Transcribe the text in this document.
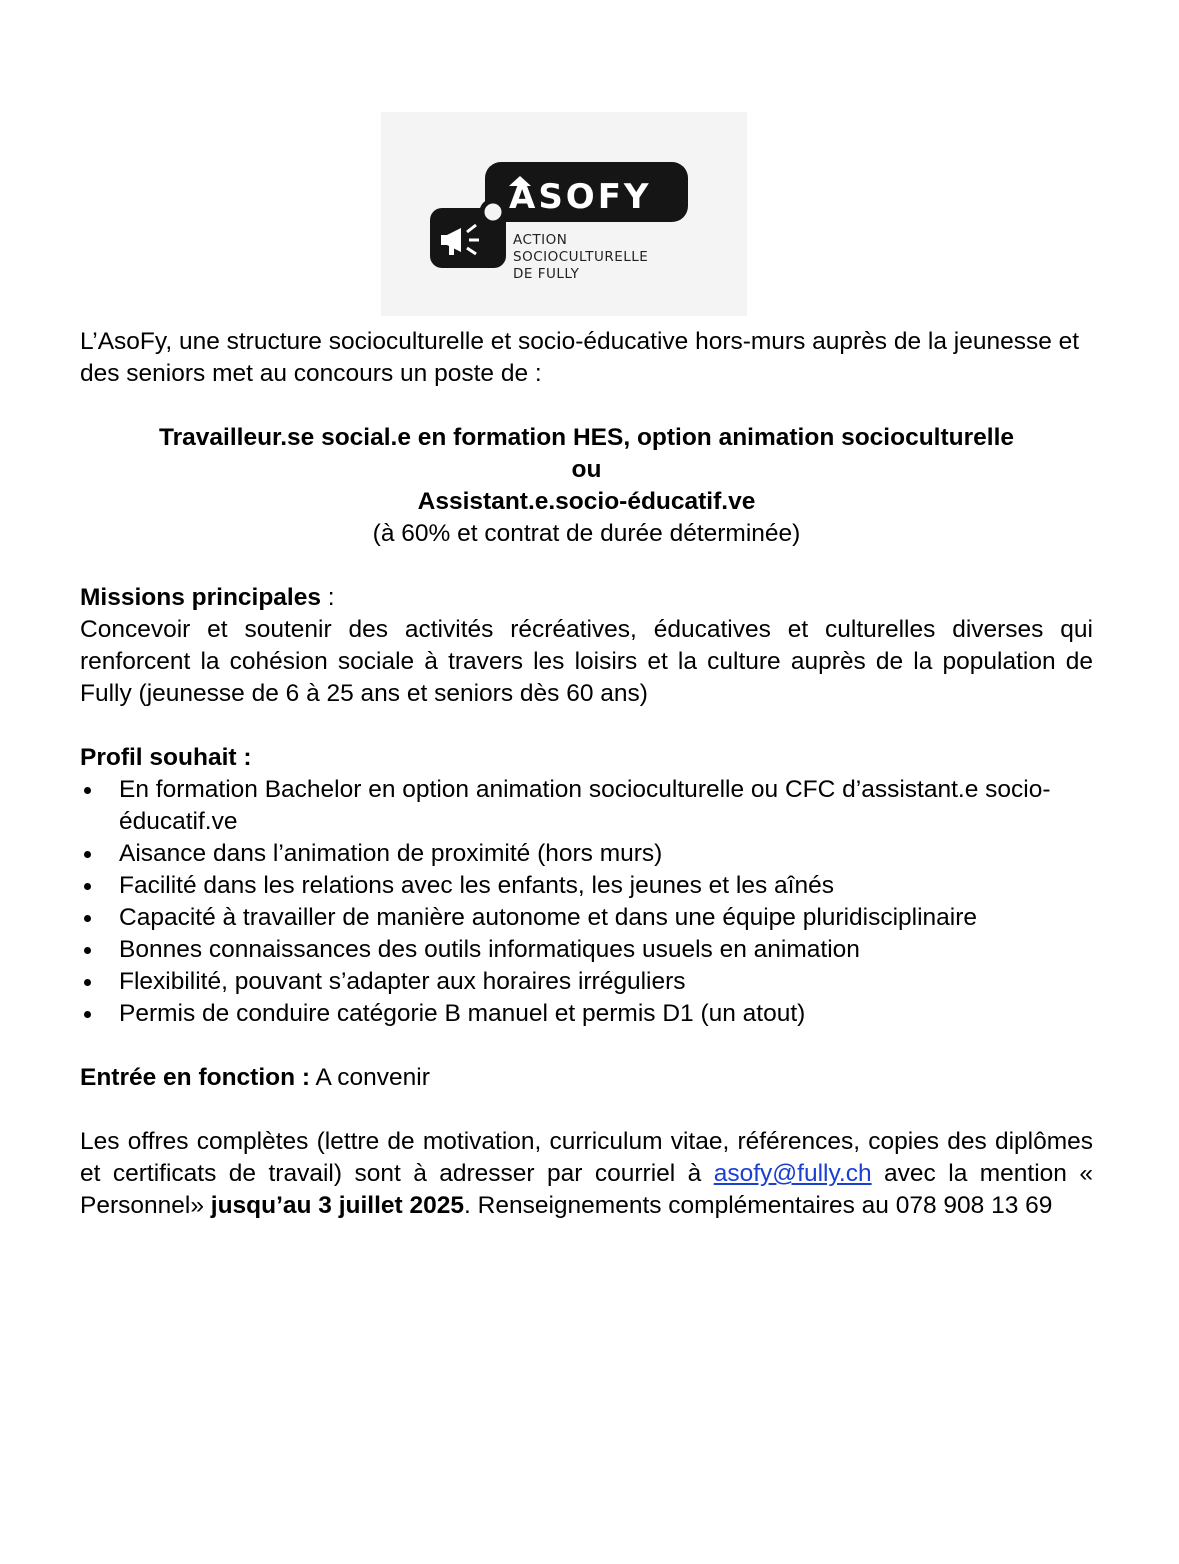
ASOFY
ACTION
SOCIOCULTURELLE
DE FULLY

L’AsoFy, une structure socioculturelle et socio-éducative hors-murs auprès de la jeunesse et des seniors met au concours un poste de :

Travailleur.se social.e en formation HES, option animation socioculturelle

ou

Assistant.e.socio-éducatif.ve

(à 60% et contrat de durée déterminée)

Missions principales :

Concevoir et soutenir des activités récréatives, éducatives et culturelles diverses qui renforcent la cohésion sociale à travers les loisirs et la culture auprès de la population de Fully (jeunesse de 6 à 25 ans et seniors dès 60 ans)

Profil souhait :

En formation Bachelor en option animation socioculturelle ou CFC d’assistant.e socio-éducatif.ve
Aisance dans l’animation de proximité (hors murs)
Facilité dans les relations avec les enfants, les jeunes et les aînés
Capacité à travailler de manière autonome et dans une équipe pluridisciplinaire
Bonnes connaissances des outils informatiques usuels en animation
Flexibilité, pouvant s’adapter aux horaires irréguliers
Permis de conduire catégorie B manuel et permis D1 (un atout)

Entrée en fonction : A convenir

Les offres complètes (lettre de motivation, curriculum vitae, références, copies des diplômes et certificats de travail) sont à adresser par courriel à asofy@fully.ch avec la mention « Personnel» jusqu’au 3 juillet 2025. Renseignements complémentaires au 078 908 13 69
